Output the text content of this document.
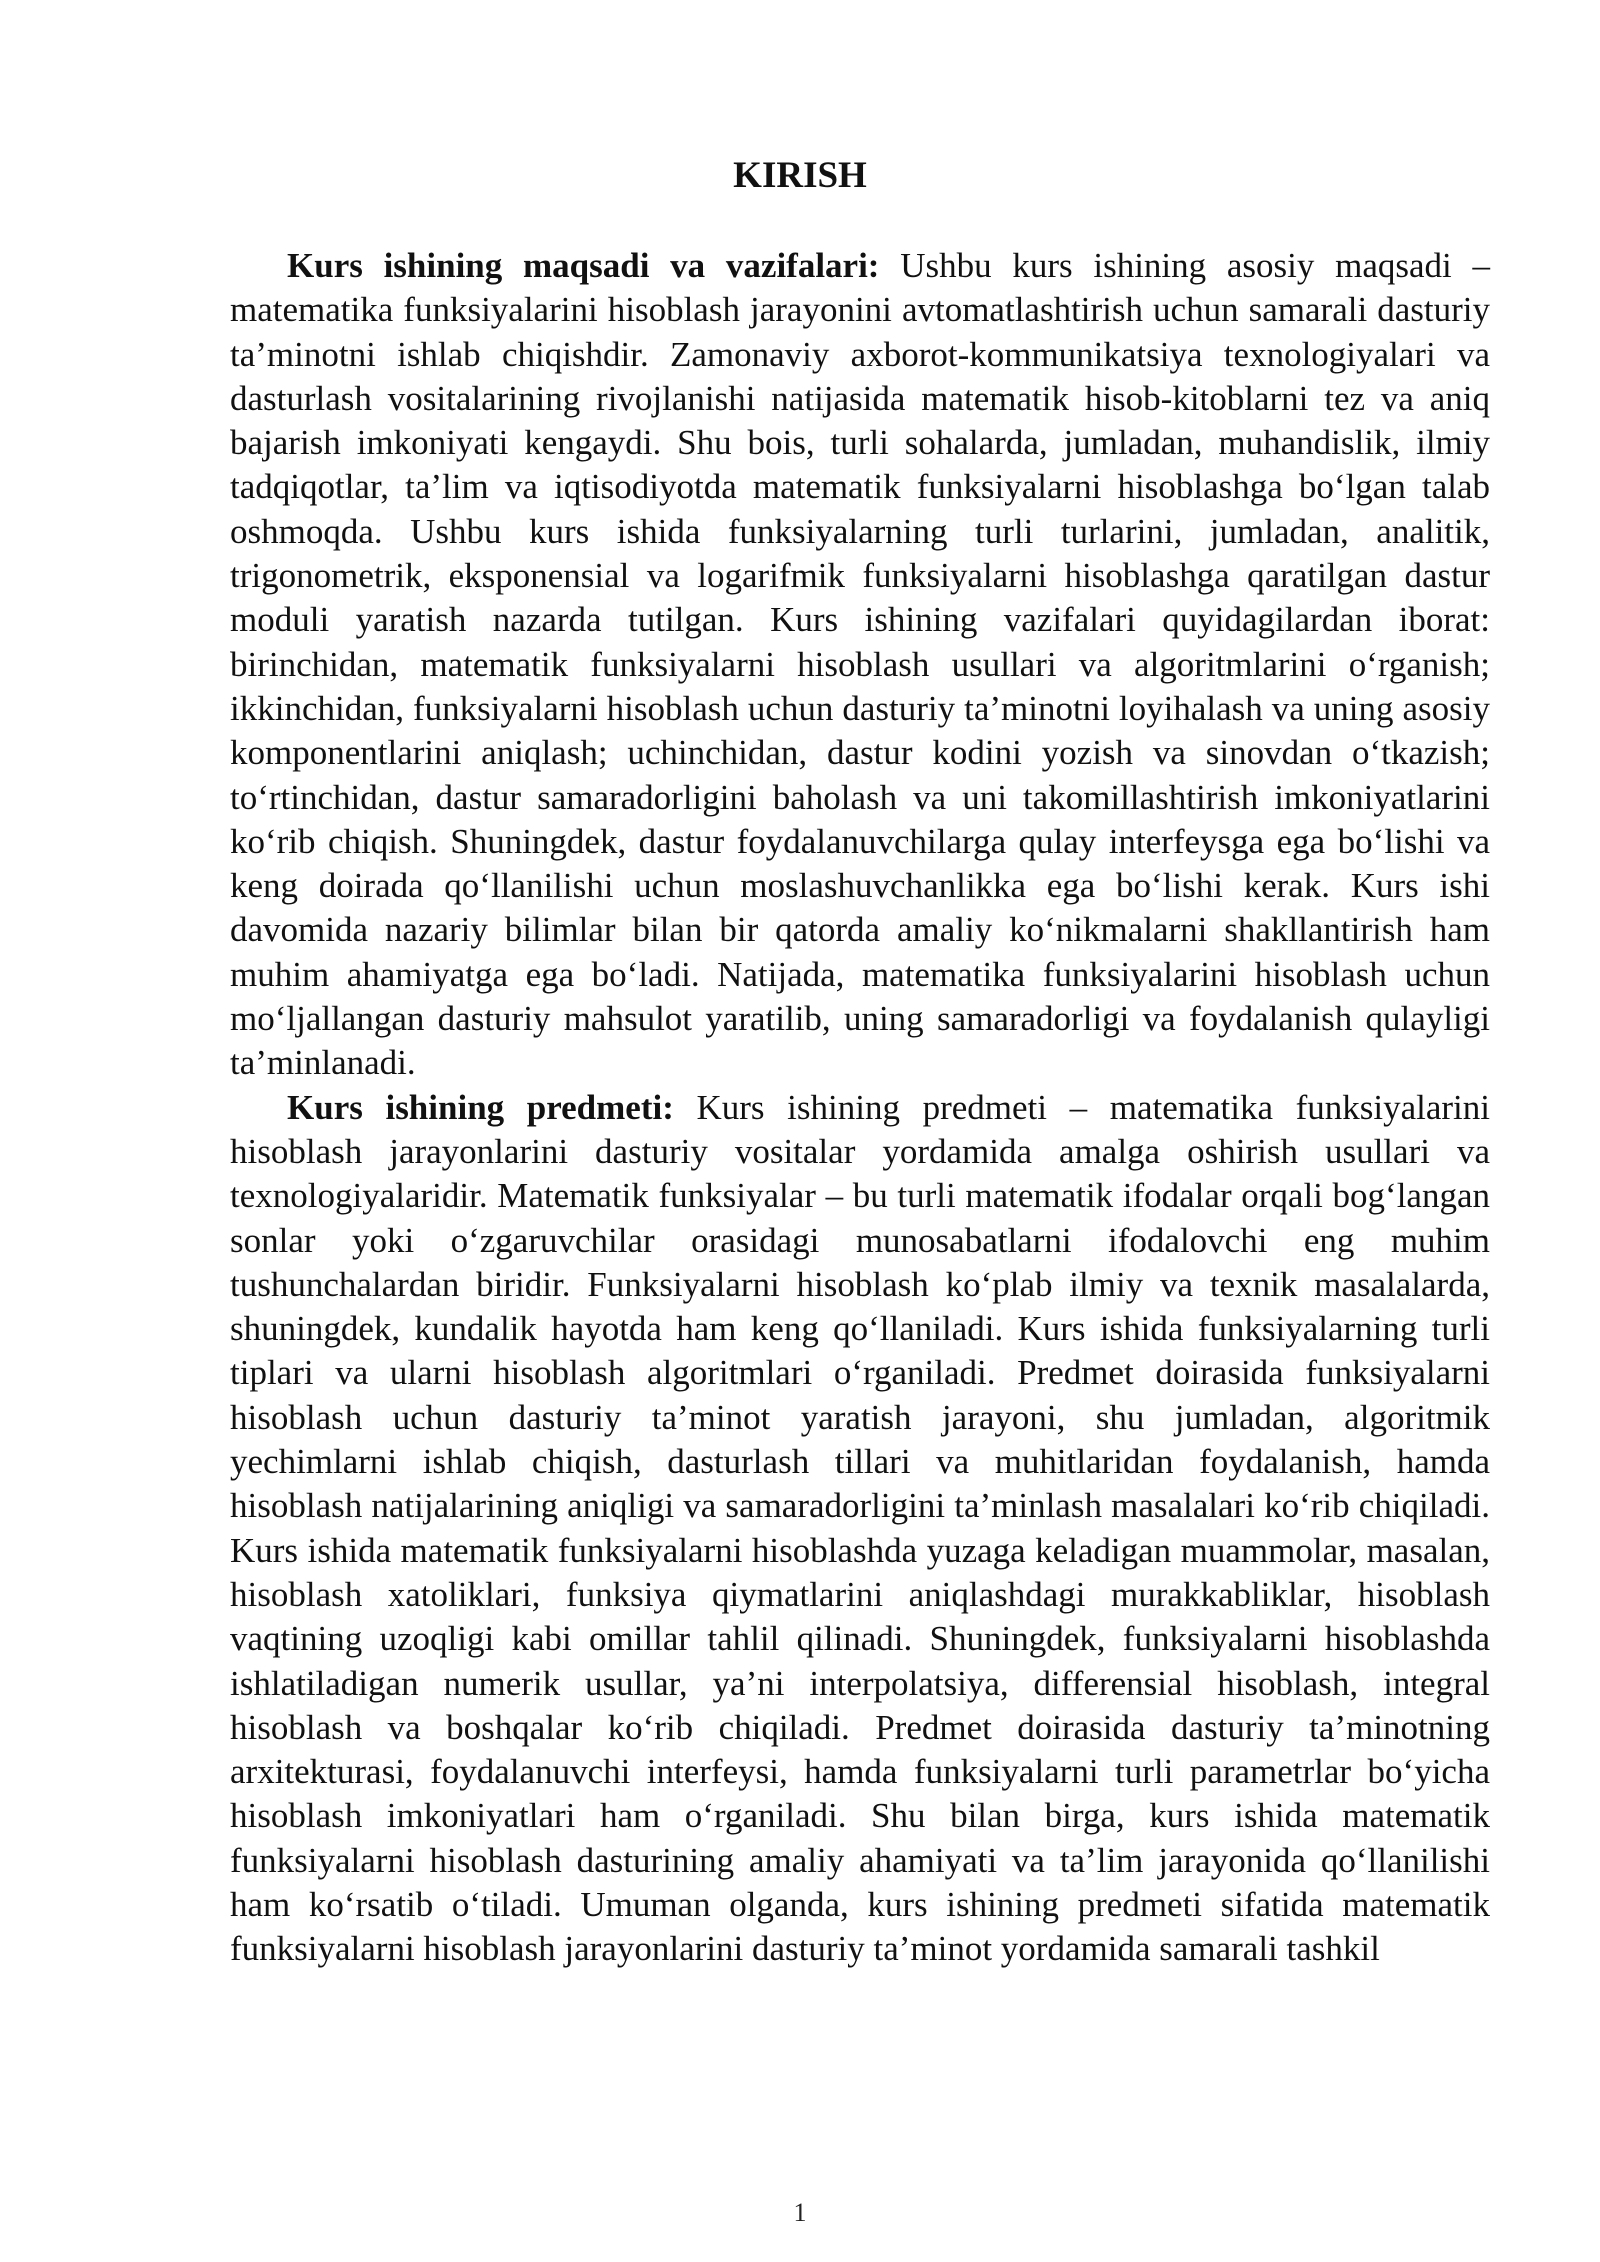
KIRISH

Kurs ishining maqsadi va vazifalari: Ushbu kurs ishining asosiy maqsadi – matematika funksiyalarini hisoblash jarayonini avtomatlashtirish uchun samarali dasturiy ta’minotni ishlab chiqishdir. Zamonaviy axborot-kommunikatsiya texnologiyalari va dasturlash vositalarining rivojlanishi natijasida matematik hisob-kitoblarni tez va aniq bajarish imkoniyati kengaydi. Shu bois, turli sohalarda, jumladan, muhandislik, ilmiy tadqiqotlar, ta’lim va iqtisodiyotda matematik funksiyalarni hisoblashga bo‘lgan talab oshmoqda. Ushbu kurs ishida funksiyalarning turli turlarini, jumladan, analitik, trigonometrik, eksponensial va logarifmik funksiyalarni hisoblashga qaratilgan dastur moduli yaratish nazarda tutilgan. Kurs ishining vazifalari quyidagilardan iborat: birinchidan, matematik funksiyalarni hisoblash usullari va algoritmlarini o‘rganish; ikkinchidan, funksiyalarni hisoblash uchun dasturiy ta’minotni loyihalash va uning asosiy komponentlarini aniqlash; uchinchidan, dastur kodini yozish va sinovdan o‘tkazish; to‘rtinchidan, dastur samaradorligini baholash va uni takomillashtirish imkoniyatlarini ko‘rib chiqish. Shuningdek, dastur foydalanuvchilarga qulay interfeysga ega bo‘lishi va keng doirada qo‘llanilishi uchun moslashuvchanlikka ega bo‘lishi kerak. Kurs ishi davomida nazariy bilimlar bilan bir qatorda amaliy ko‘nikmalarni shakllantirish ham muhim ahamiyatga ega bo‘ladi. Natijada, matematika funksiyalarini hisoblash uchun mo‘ljallangan dasturiy mahsulot yaratilib, uning samaradorligi va foydalanish qulayligi ta’minlanadi.

Kurs ishining predmeti: Kurs ishining predmeti – matematika funksiyalarini hisoblash jarayonlarini dasturiy vositalar yordamida amalga oshirish usullari va texnologiyalaridir. Matematik funksiyalar – bu turli matematik ifodalar orqali bog‘langan sonlar yoki o‘zgaruvchilar orasidagi munosabatlarni ifodalovchi eng muhim tushunchalardan biridir. Funksiyalarni hisoblash ko‘plab ilmiy va texnik masalalarda, shuningdek, kundalik hayotda ham keng qo‘llaniladi. Kurs ishida funksiyalarning turli tiplari va ularni hisoblash algoritmlari o‘rganiladi. Predmet doirasida funksiyalarni hisoblash uchun dasturiy ta’minot yaratish jarayoni, shu jumladan, algoritmik yechimlarni ishlab chiqish, dasturlash tillari va muhitlaridan foydalanish, hamda hisoblash natijalarining aniqligi va samaradorligini ta’minlash masalalari ko‘rib chiqiladi. Kurs ishida matematik funksiyalarni hisoblashda yuzaga keladigan muammolar, masalan, hisoblash xatoliklari, funksiya qiymatlarini aniqlashdagi murakkabliklar, hisoblash vaqtining uzoqligi kabi omillar tahlil qilinadi. Shuningdek, funksiyalarni hisoblashda ishlatiladigan numerik usullar, ya’ni interpolatsiya, differensial hisoblash, integral hisoblash va boshqalar ko‘rib chiqiladi. Predmet doirasida dasturiy ta’minotning arxitekturasi, foydalanuvchi interfeysi, hamda funksiyalarni turli parametrlar bo‘yicha hisoblash imkoniyatlari ham o‘rganiladi. Shu bilan birga, kurs ishida matematik funksiyalarni hisoblash dasturining amaliy ahamiyati va ta’lim jarayonida qo‘llanilishi ham ko‘rsatib o‘tiladi. Umuman olganda, kurs ishining predmeti sifatida matematik funksiyalarni hisoblash jarayonlarini dasturiy ta’minot yordamida samarali tashkil

1
